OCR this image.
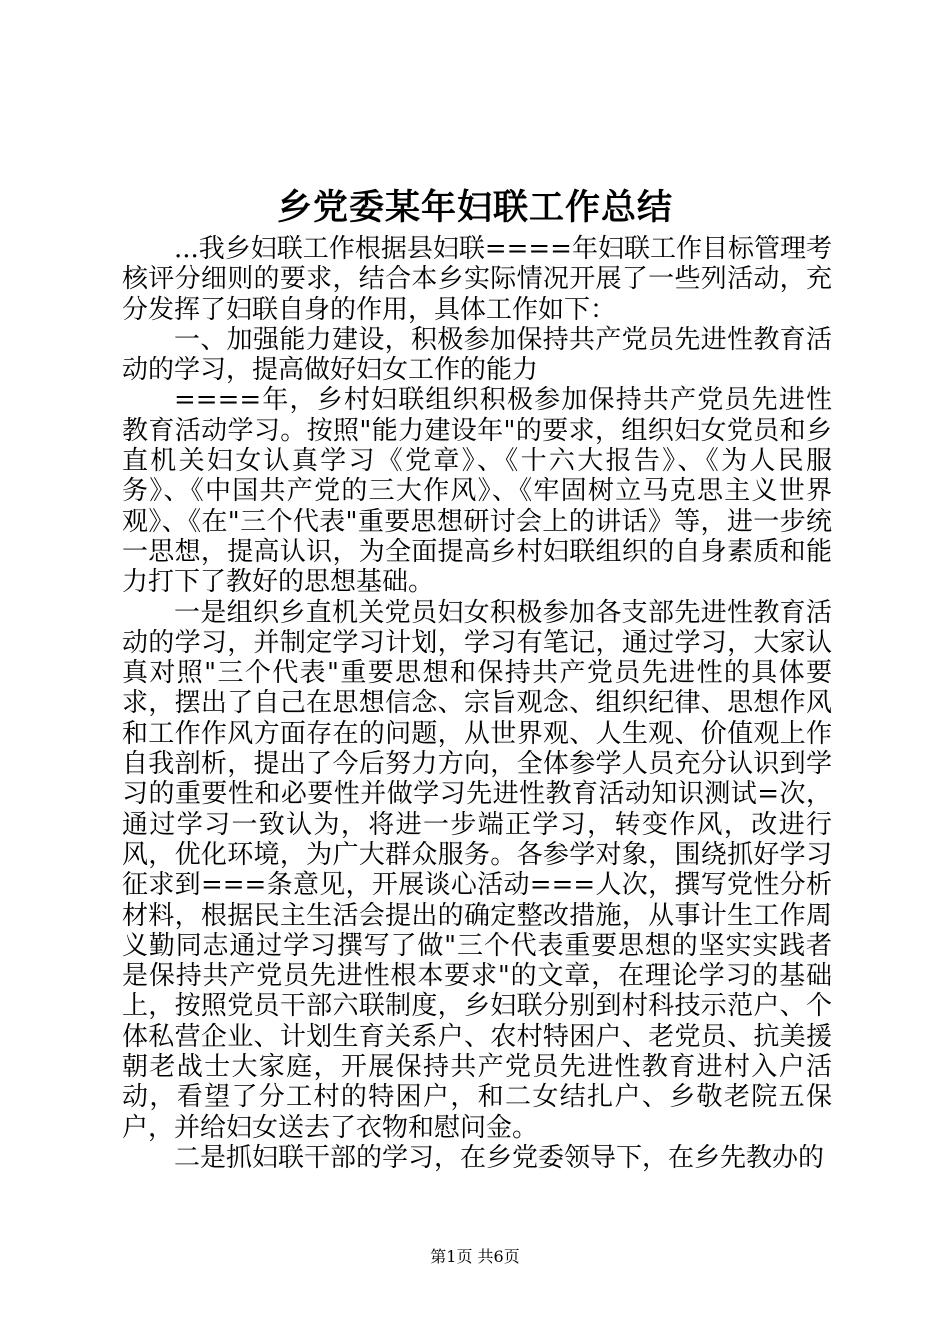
乡党委某年妇联工作总结

...我乡妇联工作根据县妇联====年妇联工作目标管理考核评分细则的要求，结合本乡实际情况开展了一些列活动，充分发挥了妇联自身的作用，具体工作如下：

一、加强能力建设，积极参加保持共产党员先进性教育活动的学习，提高做好妇女工作的能力

====年，乡村妇联组织积极参加保持共产党员先进性教育活动学习。按照"能力建设年"的要求，组织妇女党员和乡直机关妇女认真学习《党章》、《十六大报告》、《为人民服务》、《中国共产党的三大作风》、《牢固树立马克思主义世界观》、《在"三个代表"重要思想研讨会上的讲话》等，进一步统一思想，提高认识，为全面提高乡村妇联组织的自身素质和能力打下了教好的思想基础。

一是组织乡直机关党员妇女积极参加各支部先进性教育活动的学习，并制定学习计划，学习有笔记，通过学习，大家认真对照"三个代表"重要思想和保持共产党员先进性的具体要求，摆出了自己在思想信念、宗旨观念、组织纪律、思想作风和工作作风方面存在的问题，从世界观、人生观、价值观上作自我剖析，提出了今后努力方向，全体参学人员充分认识到学习的重要性和必要性并做学习先进性教育活动知识测试=次，通过学习一致认为，将进一步端正学习，转变作风，改进行风，优化环境，为广大群众服务。各参学对象，围绕抓好学习征求到===条意见，开展谈心活动===人次，撰写党性分析材料，根据民主生活会提出的确定整改措施，从事计生工作周义勤同志通过学习撰写了做"三个代表重要思想的坚实实践者是保持共产党员先进性根本要求"的文章，在理论学习的基础上，按照党员干部六联制度，乡妇联分别到村科技示范户、个体私营企业、计划生育关系户、农村特困户、老党员、抗美援朝老战士大家庭，开展保持共产党员先进性教育进村入户活动，看望了分工村的特困户，和二女结扎户、乡敬老院五保户，并给妇女送去了衣物和慰问金。

二是抓妇联干部的学习，在乡党委领导下，在乡先教办的

第1页 共6页
